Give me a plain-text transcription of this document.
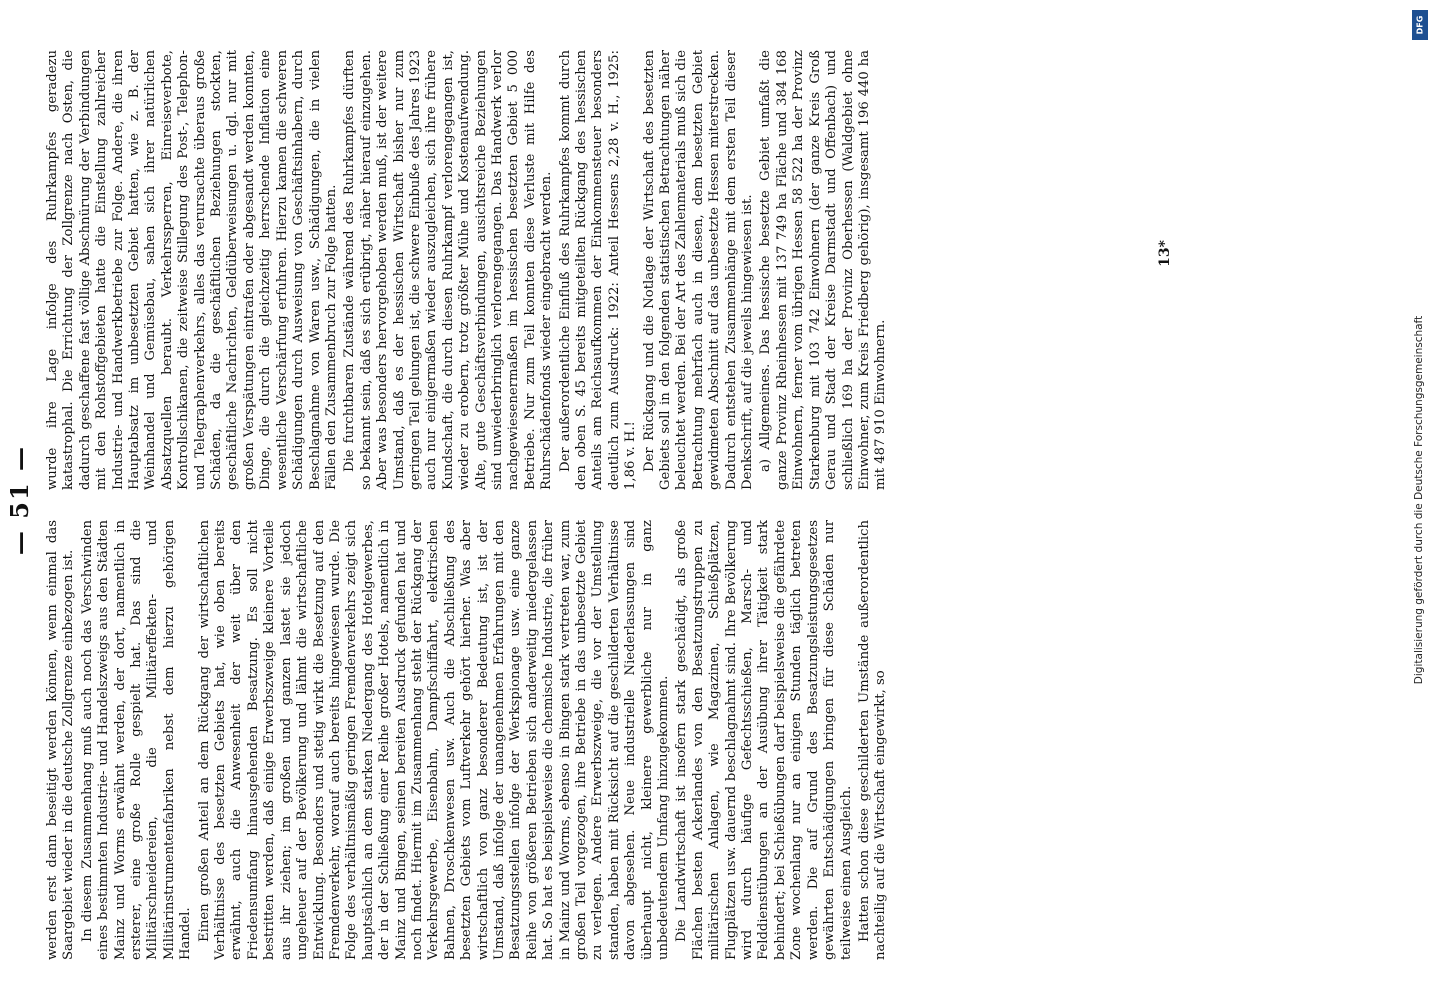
— 51 —

werden erst dann beseitigt werden können, wenn einmal das Saargebiet wieder in die deutsche Zollgrenze einbezogen ist. In diesem Zusammenhang muß auch noch das Verschwinden eines bestimmten Industrie- und Handelszweigs aus den Städten Mainz und Worms erwähnt werden, der dort, namentlich in ersterer, eine große Rolle gespielt hat. Das sind die Militärschneidereien, die Militäreffekten- und Militärinstrumentenfabriken nebst dem hierzu gehörigen Handel. Einen großen Anteil an dem Rückgang der wirtschaftlichen Verhältnisse des besetzten Gebiets hat, wie oben bereits erwähnt, auch die Anwesenheit der weit über den Friedensumfang hinausgehenden Besatzung. Es soll nicht bestritten werden, daß einige Erwerbszweige kleinere Vorteile aus ihr ziehen; im großen und ganzen lastet sie jedoch ungeheuer auf der Bevölkerung und lähmt die wirtschaftliche Entwicklung. Besonders und stetig wirkt die Besetzung auf den Fremdenverkehr, worauf auch bereits hingewiesen wurde. Die Folge des verhältnismäßig geringen Fremdenverkehrs zeigt sich hauptsächlich an dem starken Niedergang des Hotelgewerbes, der in der Schließung einer Reihe großer Hotels, namentlich in Mainz und Bingen, seinen bereiten Ausdruck gefunden hat und noch findet. Hiermit im Zusammenhang steht der Rückgang der Verkehrsgewerbe, Eisenbahn, Dampfschiffahrt, elektrischen Bahnen, Droschkenwesen usw. Auch die Abschließung des besetzten Gebiets vom Luftverkehr gehört hierher. Was aber wirtschaftlich von ganz besonderer Bedeutung ist, ist der Umstand, daß infolge der unangenehmen Erfahrungen mit den Besatzungsstellen infolge der Werkspionage usw. eine ganze Reihe von größeren Betrieben sich anderweitig niedergelassen hat. So hat es beispielsweise die chemische Industrie, die früher in Mainz und Worms, ebenso in Bingen stark vertreten war, zum großen Teil vorgezogen, ihre Betriebe in das unbesetzte Gebiet zu verlegen. Andere Erwerbszweige, die vor der Umstellung standen, haben mit Rücksicht auf die geschilderten Verhältnisse davon abgesehen. Neue industrielle Niederlassungen sind überhaupt nicht, kleinere gewerbliche nur in ganz unbedeutendem Umfang hinzugekommen. Die Landwirtschaft ist insofern stark geschädigt, als große Flächen besten Ackerlandes von den Besatzungstruppen zu militärischen Anlagen, wie Magazinen, Schießplätzen, Flugplätzen usw. dauernd beschlagnahmt sind. Ihre Bevölkerung wird durch häufige Gefechtsschießen, Marsch- und Felddienstübungen an der Ausübung ihrer Tätigkeit stark behindert; bei Schießübungen darf beispielsweise die gefährdete Zone wochenlang nur an einigen Stunden täglich betreten werden. Die auf Grund des Besatzungsleistungsgesetzes gewährten Entschädigungen bringen für diese Schäden nur teilweise einen Ausgleich. Hatten schon diese geschilderten Umstände außerordentlich nachteilig auf die Wirtschaft eingewirkt, so

wurde ihre Lage infolge des Ruhrkampfes geradezu katastrophal. Die Errichtung der Zollgrenze nach Osten, die dadurch geschaffene fast völlige Abschnürung der Verbindungen mit den Rohstoffgebieten hatte die Einstellung zahlreicher Industrie- und Handwerkbetriebe zur Folge. Andere, die ihren Hauptabsatz im unbesetzten Gebiet hatten, wie z. B. der Weinhandel und Gemüsebau, sahen sich ihrer natürlichen Absatzquellen beraubt. Verkehrssperren, Einreiseverbote, Kontrollschikanen, die zeitweise Stillegung des Post-, Telephon- und Telegraphenverkehrs, alles das verursachte überaus große Schäden, da die geschäftlichen Beziehungen stockten, geschäftliche Nachrichten, Geldüberweisungen u. dgl. nur mit großen Verspätungen eintrafen oder abgesandt werden konnten, Dinge, die durch die gleichzeitig herrschende Inflation eine wesentliche Verschärfung erfuhren. Hierzu kamen die schweren Schädigungen durch Ausweisung von Geschäftsinhabern, durch Beschlagnahme von Waren usw., Schädigungen, die in vielen Fällen den Zusammenbruch zur Folge hatten. Die furchtbaren Zustände während des Ruhrkampfes dürften so bekannt sein, daß es sich erübrigt, näher hierauf einzugehen. Aber was besonders hervorgehoben werden muß, ist der weitere Umstand, daß es der hessischen Wirtschaft bisher nur zum geringen Teil gelungen ist, die schwere Einbuße des Jahres 1923 auch nur einigermaßen wieder auszugleichen, sich ihre frühere Kundschaft, die durch diesen Ruhrkampf verlorengegangen ist, wieder zu erobern, trotz größter Mühe und Kostenaufwendung. Alte, gute Geschäftsverbindungen, ausichtsreiche Beziehungen sind unwiederbringlich verlorengegangen. Das Handwerk verlor nachgewiesenermaßen im hessischen besetzten Gebiet 5 000 Betriebe. Nur zum Teil konnten diese Verluste mit Hilfe des Ruhrschädenfonds wieder eingebracht werden. Der außerordentliche Einfluß des Ruhrkampfes kommt durch den oben S. 45 bereits mitgeteilten Rückgang des hessischen Anteils am Reichsaufkommen der Einkommensteuer besonders deutlich zum Ausdruck: 1922: Anteil Hessens 2,28 v. H., 1925: 1,86 v. H.! Der Rückgang und die Notlage der Wirtschaft des besetzten Gebiets soll in den folgenden statistischen Betrachtungen näher beleuchtet werden. Bei der Art des Zahlenmaterials muß sich die Betrachtung mehrfach auch in diesen, dem besetzten Gebiet gewidmeten Abschnitt auf das unbesetzte Hessen miterstrecken. Dadurch entstehen Zusammenhänge mit dem ersten Teil dieser Denkschrift, auf die jeweils hingewiesen ist. a) Allgemeines. Das hessische besetzte Gebiet umfaßt die ganze Provinz Rheinhessen mit 137 749 ha Fläche und 384 168 Einwohnern, ferner vom übrigen Hessen 58 522 ha der Provinz Starkenburg mit 103 742 Einwohnern (der ganze Kreis Groß Gerau und Stadt der Kreise Darmstadt und Offenbach) und schließlich 169 ha der Provinz Oberhessen (Waldgebiet ohne Einwohner, zum Kreis Friedberg gehörig), insgesamt 196 440 ha mit 487 910 Einwohnern.

13*
Digitalisierung gefördert durch die Deutsche Forschungsgemeinschaft
DFG
